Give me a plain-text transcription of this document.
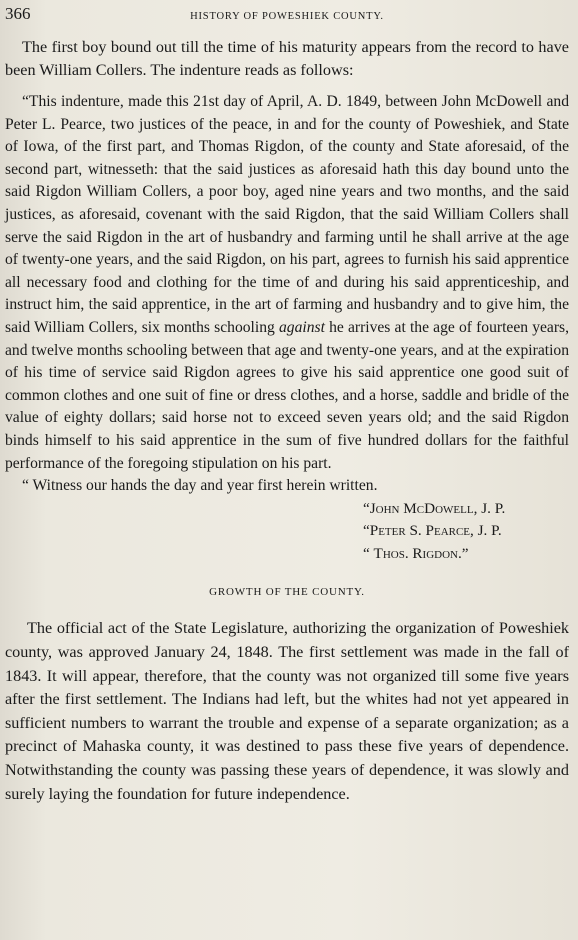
366	HISTORY OF POWESHIEK COUNTY.

The first boy bound out till the time of his maturity appears from the record to have been William Collers. The indenture reads as follows:

“This indenture, made this 21st day of April, A. D. 1849, between John McDowell and Peter L. Pearce, two justices of the peace, in and for the county of Poweshiek, and State of Iowa, of the first part, and Thomas Rigdon, of the county and State aforesaid, of the second part, witnesseth: that the said justices as aforesaid hath this day bound unto the said Rigdon William Collers, a poor boy, aged nine years and two months, and the said justices, as aforesaid, covenant with the said Rigdon, that the said William Collers shall serve the said Rigdon in the art of husbandry and farming until he shall arrive at the age of twenty-one years, and the said Rigdon, on his part, agrees to furnish his said apprentice all necessary food and clothing for the time of and during his said apprenticeship, and instruct him, the said apprentice, in the art of farming and husbandry and to give him, the said William Collers, six months schooling against he arrives at the age of fourteen years, and twelve months schooling between that age and twenty-one years, and at the expiration of his time of service said Rigdon agrees to give his said apprentice one good suit of common clothes and one suit of fine or dress clothes, and a horse, saddle and bridle of the value of eighty dollars; said horse not to exceed seven years old; and the said Rigdon binds himself to his said apprentice in the sum of five hundred dollars for the faithful performance of the foregoing stipulation on his part.

“ Witness our hands the day and year first herein written.

“John McDowell, J. P.
“Peter S. Pearce, J. P.
“ Thos. Rigdon.”
GROWTH OF THE COUNTY.

The official act of the State Legislature, authorizing the organization of Poweshiek county, was approved January 24, 1848. The first settlement was made in the fall of 1843. It will appear, therefore, that the county was not organized till some five years after the first settlement. The Indians had left, but the whites had not yet appeared in sufficient numbers to warrant the trouble and expense of a separate organization; as a precinct of Mahaska county, it was destined to pass these five years of dependence. Notwithstanding the county was passing these years of dependence, it was slowly and surely laying the foundation for future independence.
